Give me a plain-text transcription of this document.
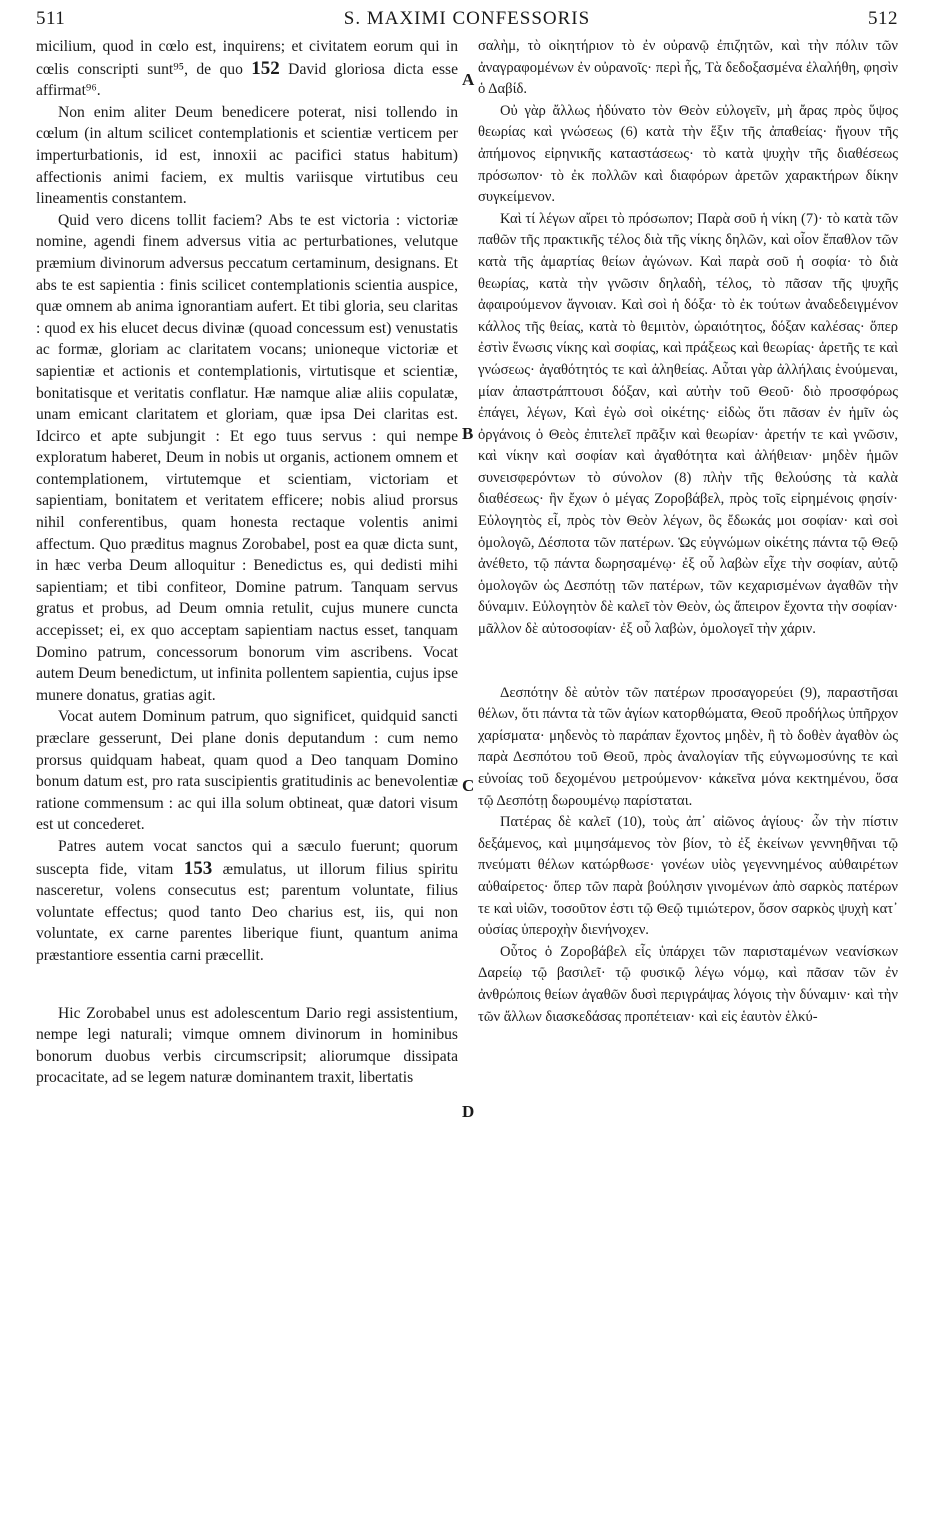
511	S. MAXIMI CONFESSORIS	512
A
B
C
D

micilium, quod in cœlo est, inquirens; et civitatem eorum qui in cœlis conscripti sunt⁹⁵, de quo 152 David gloriosa dicta esse affirmat⁹⁶.

Non enim aliter Deum benedicere poterat, nisi tollendo in cœlum (in altum scilicet contemplationis et scientiæ verticem per imperturbationis, id est, innoxii ac pacifici status habitum) affectionis animi faciem, ex multis variisque virtutibus ceu lineamentis constantem.

Quid vero dicens tollit faciem? Abs te est victoria : victoriæ nomine, agendi finem adversus vitia ac perturbationes, velutque præmium divinorum adversus peccatum certaminum, designans. Et abs te est sapientia : finis scilicet contemplationis scientia auspice, quæ omnem ab anima ignorantiam aufert. Et tibi gloria, seu claritas : quod ex his elucet decus divinæ (quoad concessum est) venustatis ac formæ, gloriam ac claritatem vocans; unioneque victoriæ et sapientiæ et actionis et contemplationis, virtutisque et scientiæ, bonitatisque et veritatis conflatur. Hæ namque aliæ aliis copulatæ, unam emicant claritatem et gloriam, quæ ipsa Dei claritas est. Idcirco et apte subjungit : Et ego tuus servus : qui nempe exploratum haberet, Deum in nobis ut organis, actionem omnem et contemplationem, virtutemque et scientiam, victoriam et sapientiam, bonitatem et veritatem efficere; nobis aliud prorsus nihil conferentibus, quam honesta rectaque volentis animi affectum. Quo præditus magnus Zorobabel, post ea quæ dicta sunt, in hæc verba Deum alloquitur : Benedictus es, qui dedisti mihi sapientiam; et tibi confiteor, Domine patrum. Tanquam servus gratus et probus, ad Deum omnia retulit, cujus munere cuncta accepisset; ei, ex quo acceptam sapientiam nactus esset, tanquam Domino patrum, concessorum bonorum vim ascribens. Vocat autem Deum benedictum, ut infinita pollentem sapientia, cujus ipse munere donatus, gratias agit.

Vocat autem Dominum patrum, quo significet, quidquid sancti præclare gesserunt, Dei plane donis deputandum : cum nemo prorsus quidquam habeat, quam quod a Deo tanquam Domino bonum datum est, pro rata suscipientis gratitudinis ac benevolentiæ ratione commensum : ac qui illa solum obtineat, quæ datori visum est ut concederet.

Patres autem vocat sanctos qui a sæculo fuerunt; quorum suscepta fide, vitam 153 æmulatus, ut illorum filius spiritu nasceretur, volens consecutus est; parentum voluntate, filius voluntate effectus; quod tanto Deo charius est, iis, qui non voluntate, ex carne parentes liberique fiunt, quantum anima præstantiore essentia carni præcellit.

Hic Zorobabel unus est adolescentum Dario regi assistentium, nempe legi naturali; vimque omnem divinorum in hominibus bonorum duobus verbis circumscripsit; aliorumque dissipata procacitate, ad se legem naturæ dominantem traxit, libertatis

σαλὴμ, τὸ οἰκητήριον τὸ ἐν οὐρανῷ ἐπιζητῶν, καὶ τὴν πόλιν τῶν ἀναγραφομένων ἐν οὐρανοῖς· περὶ ἧς, Τὰ δεδοξασμένα ἐλαλήθη, φησὶν ὁ Δαβίδ.

Οὐ γὰρ ἄλλως ἠδύνατο τὸν Θεὸν εὐλογεῖν, μὴ ἄρας πρὸς ὕψος θεωρίας καὶ γνώσεως (6) κατὰ τὴν ἕξιν τῆς ἀπαθείας· ἤγουν τῆς ἀπήμονος εἰρηνικῆς καταστάσεως· τὸ κατὰ ψυχὴν τῆς διαθέσεως πρόσωπον· τὸ ἐκ πολλῶν καὶ διαφόρων ἀρετῶν χαρακτήρων δίκην συγκείμενον.

Καὶ τί λέγων αἴρει τὸ πρόσωπον; Παρὰ σοῦ ἡ νίκη (7)· τὸ κατὰ τῶν παθῶν τῆς πρακτικῆς τέλος διὰ τῆς νίκης δηλῶν, καὶ οἷον ἔπαθλον τῶν κατὰ τῆς ἁμαρτίας θείων ἀγώνων. Καὶ παρὰ σοῦ ἡ σοφία· τὸ διὰ θεωρίας, κατὰ τὴν γνῶσιν δηλαδὴ, τέλος, τὸ πᾶσαν τῆς ψυχῆς ἀφαιρούμενον ἄγνοιαν. Καὶ σοὶ ἡ δόξα· τὸ ἐκ τούτων ἀναδεδειγμένον κάλλος τῆς θείας, κατὰ τὸ θεμιτὸν, ὡραιότητος, δόξαν καλέσας· ὅπερ ἐστὶν ἕνωσις νίκης καὶ σοφίας, καὶ πράξεως καὶ θεωρίας· ἀρετῆς τε καὶ γνώσεως· ἀγαθότητός τε καὶ ἀληθείας. Αὗται γὰρ ἀλλήλαις ἑνούμεναι, μίαν ἀπαστράπτουσι δόξαν, καὶ αὐτὴν τοῦ Θεοῦ· διὸ προσφόρως ἐπάγει, λέγων, Καὶ ἐγὼ σοὶ οἰκέτης· εἰδὼς ὅτι πᾶσαν ἐν ἡμῖν ὡς ὀργάνοις ὁ Θεὸς ἐπιτελεῖ πρᾶξιν καὶ θεωρίαν· ἀρετήν τε καὶ γνῶσιν, καὶ νίκην καὶ σοφίαν καὶ ἀγαθότητα καὶ ἀλήθειαν· μηδὲν ἡμῶν συνεισφερόντων τὸ σύνολον (8) πλὴν τῆς θελούσης τὰ καλὰ διαθέσεως· ἣν ἔχων ὁ μέγας Ζοροβάβελ, πρὸς τοῖς εἰρημένοις φησίν· Εὐλογητὸς εἶ, πρὸς τὸν Θεὸν λέγων, ὃς ἔδωκάς μοι σοφίαν· καὶ σοὶ ὁμολογῶ, Δέσποτα τῶν πατέρων. Ὡς εὐγνώμων οἰκέτης πάντα τῷ Θεῷ ἀνέθετο, τῷ πάντα δωρησαμένῳ· ἐξ οὗ λαβὼν εἶχε τὴν σοφίαν, αὐτῷ ὁμολογῶν ὡς Δεσπότῃ τῶν πατέρων, τῶν κεχαρισμένων ἀγαθῶν τὴν δύναμιν. Εὐλογητὸν δὲ καλεῖ τὸν Θεὸν, ὡς ἄπειρον ἔχοντα τὴν σοφίαν· μᾶλλον δὲ αὐτοσοφίαν· ἐξ οὗ λαβὼν, ὁμολογεῖ τὴν χάριν.

Δεσπότην δὲ αὐτὸν τῶν πατέρων προσαγορεύει (9), παραστῆσαι θέλων, ὅτι πάντα τὰ τῶν ἁγίων κατορθώματα, Θεοῦ προδήλως ὑπῆρχον χαρίσματα· μηδενὸς τὸ παράπαν ἔχοντος μηδὲν, ἢ τὸ δοθὲν ἀγαθὸν ὡς παρὰ Δεσπότου τοῦ Θεοῦ, πρὸς ἀναλογίαν τῆς εὐγνωμοσύνης τε καὶ εὐνοίας τοῦ δεχομένου μετρούμενον· κἀκεῖνα μόνα κεκτημένου, ὅσα τῷ Δεσπότῃ δωρουμένῳ παρίσταται.

Πατέρας δὲ καλεῖ (10), τοὺς ἀπ᾿ αἰῶνος ἁγίους· ὧν τὴν πίστιν δεξάμενος, καὶ μιμησάμενος τὸν βίον, τὸ ἐξ ἐκείνων γεννηθῆναι τῷ πνεύματι θέλων κατώρθωσε· γονέων υἱὸς γεγεννημένος αὐθαιρέτων αὐθαίρετος· ὅπερ τῶν παρὰ βούλησιν γινομένων ἀπὸ σαρκὸς πατέρων τε καὶ υἱῶν, τοσοῦτον ἐστι τῷ Θεῷ τιμιώτερον, ὅσον σαρκὸς ψυχὴ κατ᾿ οὐσίας ὑπεροχὴν διενήνοχεν.

Οὗτος ὁ Ζοροβάβελ εἷς ὑπάρχει τῶν παρισταμένων νεανίσκων Δαρείῳ τῷ βασιλεῖ· τῷ φυσικῷ λέγω νόμῳ, καὶ πᾶσαν τῶν ἐν ἀνθρώποις θείων ἀγαθῶν δυσὶ περιγράψας λόγοις τὴν δύναμιν· καὶ τὴν τῶν ἄλλων διασκεδάσας προπέτειαν· καὶ εἰς ἑαυτὸν ἑλκύ-
